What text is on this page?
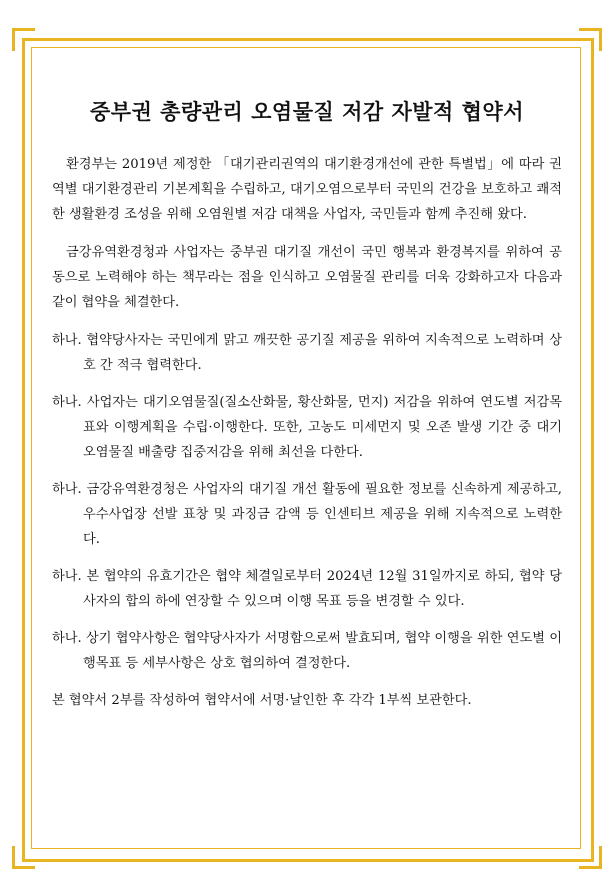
중부권 총량관리 오염물질 저감 자발적 협약서

환경부는 2019년 제정한 「대기관리권역의 대기환경개선에 관한 특별법」에 따라 권역별 대기환경관리 기본계획을 수립하고, 대기오염으로부터 국민의 건강을 보호하고 쾌적한 생활환경 조성을 위해 오염원별 저감 대책을 사업자, 국민들과 함께 추진해 왔다.

금강유역환경청과 사업자는 중부권 대기질 개선이 국민 행복과 환경복지를 위하여 공동으로 노력해야 하는 책무라는 점을 인식하고 오염물질 관리를 더욱 강화하고자 다음과 같이 협약을 체결한다.

하나. 협약당사자는 국민에게 맑고 깨끗한 공기질 제공을 위하여 지속적으로 노력하며 상호 간 적극 협력한다.

하나. 사업자는 대기오염물질(질소산화물, 황산화물, 먼지) 저감을 위하여 연도별 저감목표와 이행계획을 수립·이행한다. 또한, 고농도 미세먼지 및 오존 발생 기간 중 대기오염물질 배출량 집중저감을 위해 최선을 다한다.

하나. 금강유역환경청은 사업자의 대기질 개선 활동에 필요한 정보를 신속하게 제공하고, 우수사업장 선발 표창 및 과징금 감액 등 인센티브 제공을 위해 지속적으로 노력한다.

하나. 본 협약의 유효기간은 협약 체결일로부터 2024년 12월 31일까지로 하되, 협약 당사자의 합의 하에 연장할 수 있으며 이행 목표 등을 변경할 수 있다.

하나. 상기 협약사항은 협약당사자가 서명함으로써 발효되며, 협약 이행을 위한 연도별 이행목표 등 세부사항은 상호 협의하여 결정한다.

본 협약서 2부를 작성하여 협약서에 서명·날인한 후 각각 1부씩 보관한다.
